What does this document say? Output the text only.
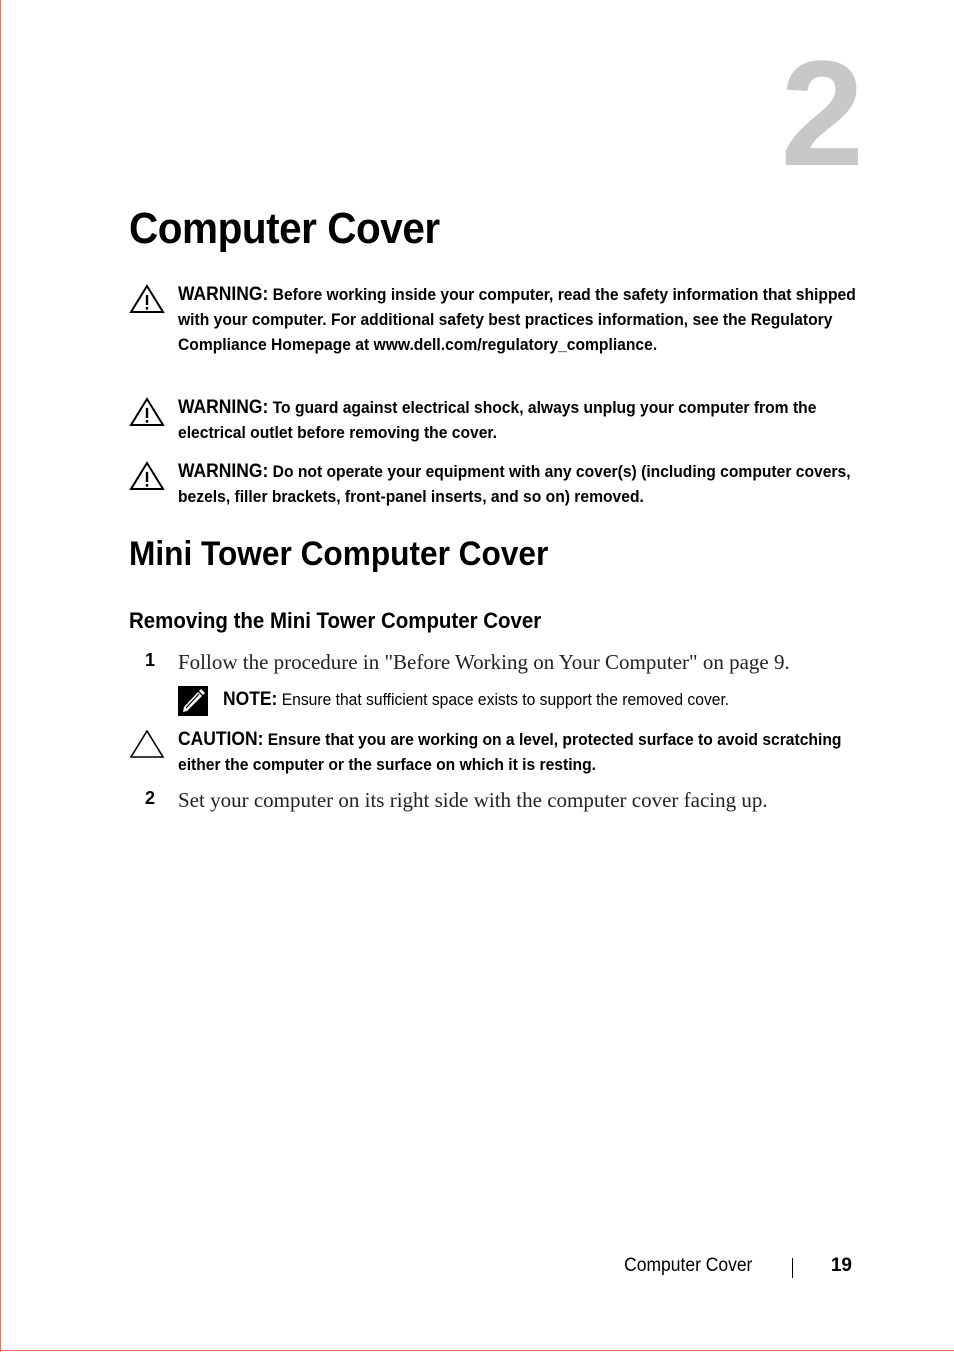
2
Computer Cover
WARNING: Before working inside your computer, read the safety information that shipped with your computer. For additional safety best practices information, see the Regulatory Compliance Homepage at www.dell.com/regulatory_compliance.
WARNING: To guard against electrical shock, always unplug your computer from the electrical outlet before removing the cover.
WARNING: Do not operate your equipment with any cover(s) (including computer covers, bezels, filler brackets, front-panel inserts, and so on) removed.
Mini Tower Computer Cover
Removing the Mini Tower Computer Cover
1 Follow the procedure in "Before Working on Your Computer" on page 9.
NOTE: Ensure that sufficient space exists to support the removed cover.
CAUTION: Ensure that you are working on a level, protected surface to avoid scratching either the computer or the surface on which it is resting.
2 Set your computer on its right side with the computer cover facing up.
Computer Cover	19
